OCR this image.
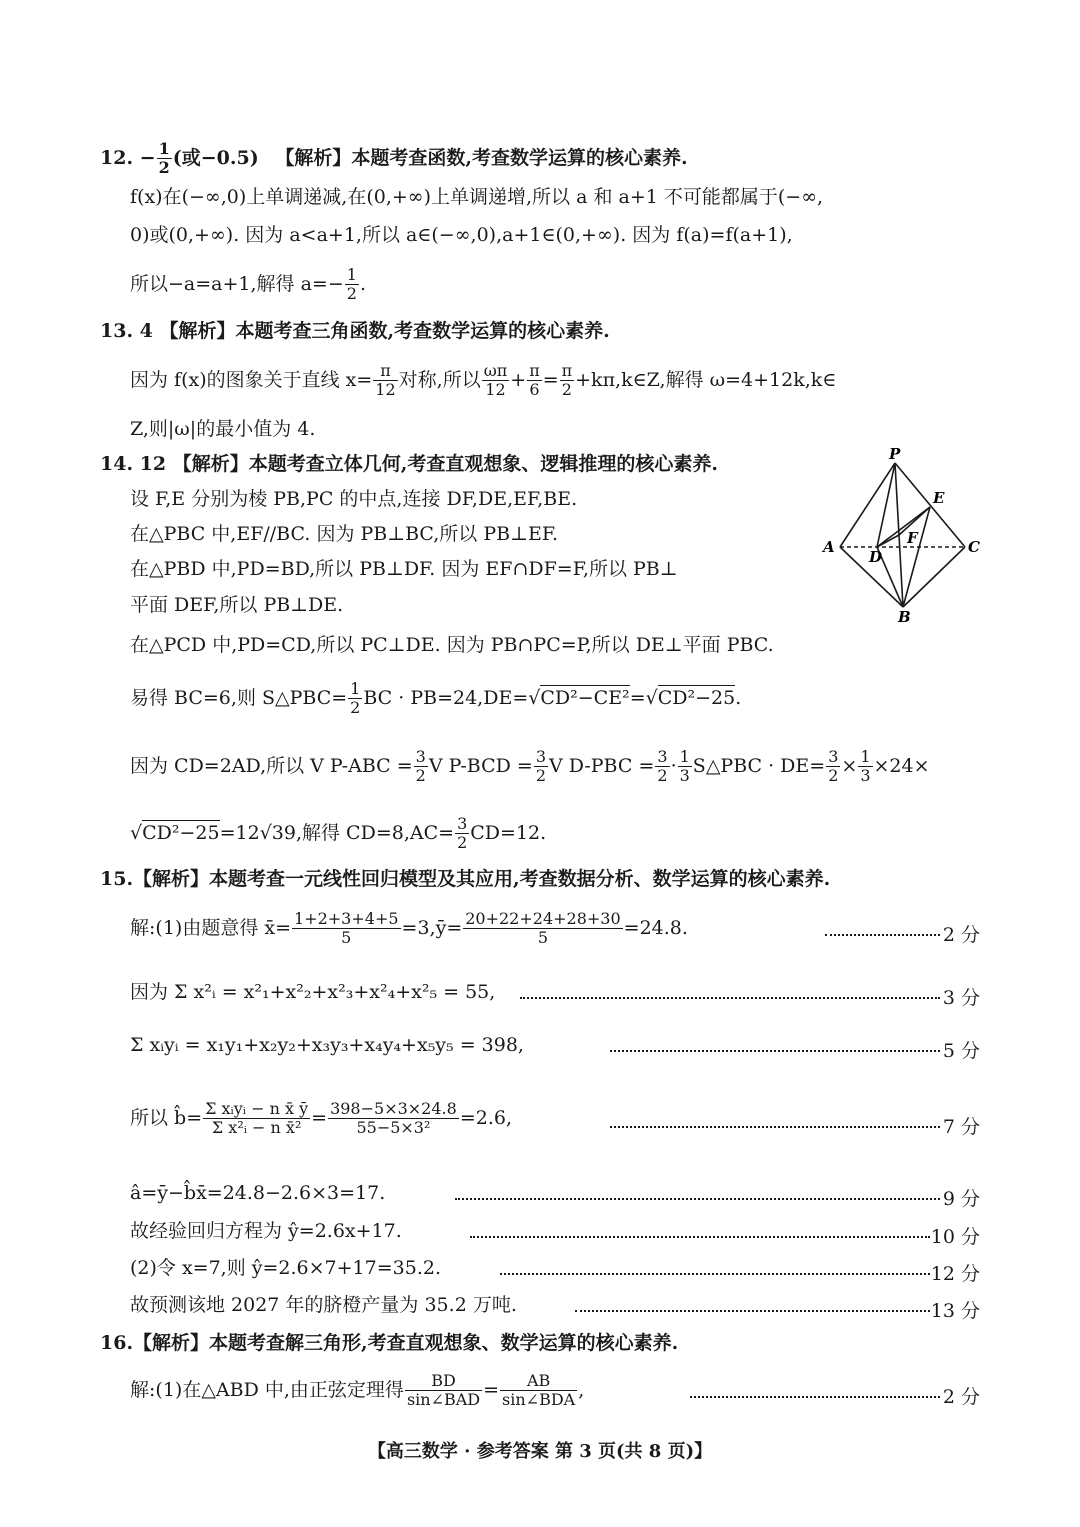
12. − $\frac{1}{2}$ (或−0.5) 【解析】本题考查函数,考查数学运算的核心素养.
f(x)在(−∞,0)上单调递减,在(0,+∞)上单调递增,所以 a 和 a+1 不可能都属于(−∞,
0)或(0,+∞). 因为 a<a+1,所以 a∈(−∞,0),a+1∈(0,+∞). 因为 f(a)=f(a+1),
所以−a=a+1,解得 $a=- \frac{1}{2}$ .
13. 4 【解析】本题考查三角函数,考查数学运算的核心素养.
因为 f(x)的图象关于直线 $x= \frac{\pi}{12}$ 对称,所以 $\frac{\omega\pi}{12} + \frac{\pi}{6} = \frac{\pi}{2}$ +kπ,k∈Z,解得 ω=4+12k,k∈
Z,则|ω|的最小值为 4.
14. 12 【解析】本题考查立体几何,考查直观想象、逻辑推理的核心素养.
设 F,E 分别为棱 PB,PC 的中点,连接 DF,DE,EF,BE.
在△PBC 中,EF//BC. 因为 PB⊥BC,所以 PB⊥EF.
在△PBD 中,PD=BD,所以 PB⊥DF. 因为 EF∩DF=F,所以 PB⊥
平面 DEF,所以 PB⊥DE.
在△PCD 中,PD=CD,所以 PC⊥DE. 因为 PB∩PC=P,所以 DE⊥平面 PBC.
易得 BC=6,则 S△PBC= $\frac{1}{2}$ BC · PB=24,DE=√CD²−CE²=√CD²−25.
因为 CD=2AD,所以 V $P-ABC = \frac{3}{2}$ V $P-BCD = \frac{3}{2}$ V $D-PBC = \frac{3}{2} \cdot \frac{1}{3}$ S△PBC · $DE= \frac{3}{2} \times \frac{1}{3} \times 24\times$
√CD²−25=12√39,解得 $CD=8,AC= \frac{3}{2} CD=12$.
P
E
A
D
F	C
B
15.【解析】本题考查一元线性回归模型及其应用,考查数据分析、数学运算的核心素养.
解:(1)由题意得 x̄= $\frac{1+2+3+4+5}{5}$ =3,ȳ= $\frac{20+22+24+28+30}{5} =24.8$.	2 分
因为 Σ x²ᵢ = x²₁+x²₂+x²₃+x²₄+x²₅ = 55,	3 分
Σ xᵢyᵢ = x₁y₁+x₂y₂+x₃y₃+x₄y₄+x₅y₅ = 398,	5 分
所以 b̂= $\frac{\text{Σ xᵢyᵢ − n x̄ ȳ}}{\text{Σ x²ᵢ − n x̄²}} = \frac{398-5\times 3\times 24.8}{\text{55−5×3²}} =2.6$,	7 分
â=ȳ−b̂x̄=24.8−2.6×3=17.	9 分
故经验回归方程为 ŷ=2.6x+17.	10 分
(2)令 x=7,则 ŷ=2.6×7+17=35.2.	12 分
故预测该地 2027 年的脐橙产量为 35.2 万吨.	13 分
16.【解析】本题考查解三角形,考查直观想象、数学运算的核心素养.
解:(1)在△ABD 中,由正弦定理得 $\frac{BD}{\text{sin∠BAD}} = \frac{AB}{\text{sin∠BDA}}$ ,	2 分
【高三数学 · 参考答案 第 3 页(共 8 页)】
